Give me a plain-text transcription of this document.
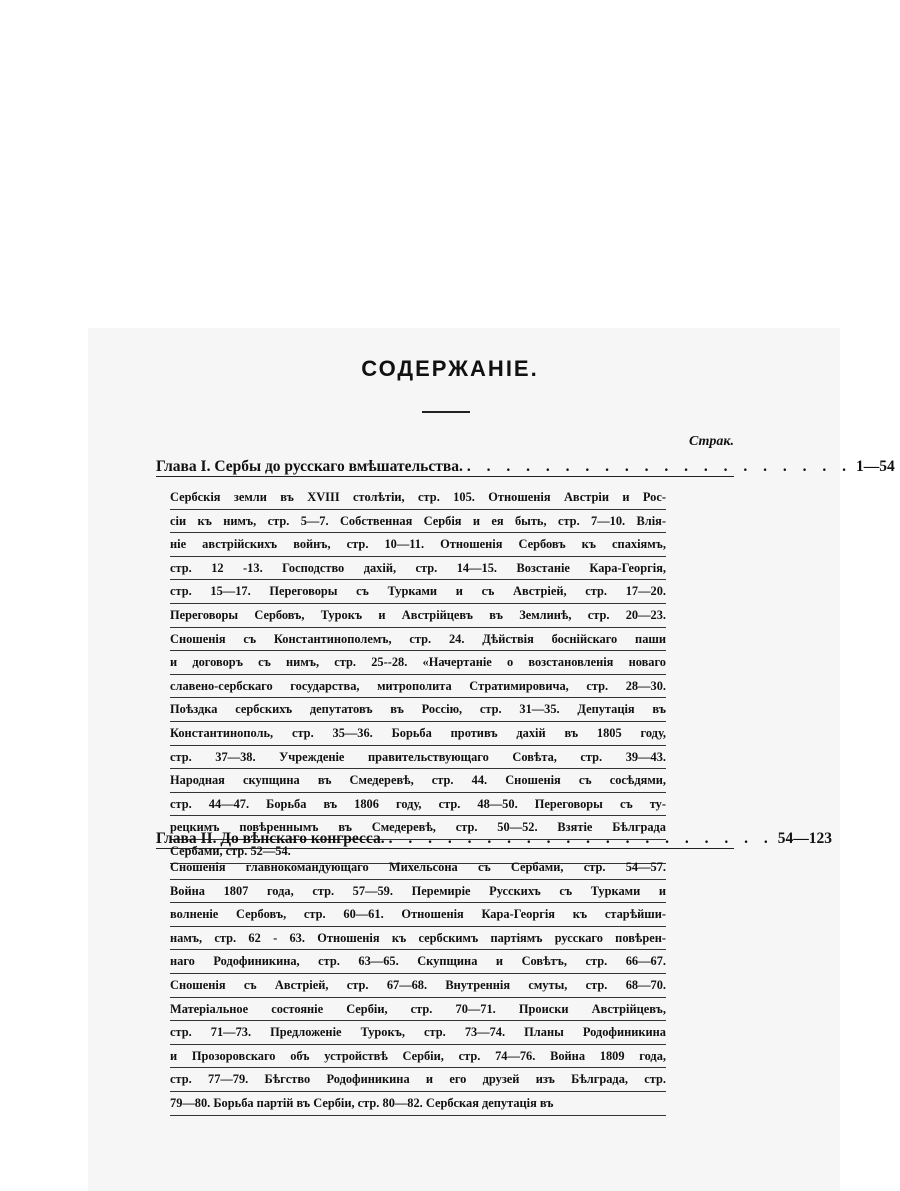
СОДЕРЖАНІЕ.
Страк.
Глава I. Сербы до русскаго вмѣшательства. . . . . . . . . . . . . . . . . . . . . 1—54
Сербскія земли въ XVIII столѣтіи, стр. 105. Отношенія Австріи и Рос-
сіи къ нимъ, стр. 5—7. Собственная Сербія и ея быть, стр. 7—10. Влія-
ніе австрійскихъ войнъ, стр. 10—11. Отношенія Сербовъ къ спахіямъ,
стр. 12 -13. Господство дахій, стр. 14—15. Возстаніе Кара-Георгія,
стр. 15—17. Переговоры съ Турками и съ Австріей, стр. 17—20.
Переговоры Сербовъ, Турокъ и Австрійцевъ въ Землинѣ, стр. 20—23.
Сношенія съ Константинополемъ, стр. 24. Дѣйствія боснійскаго паши
и договоръ съ нимъ, стр. 25--28. «Начертаніе о возстановленія новаго
славено-сербскаго государства, митрополита Стратимировича, стр. 28—30.
Поѣздка сербскихъ депутатовъ въ Россію, стр. 31—35. Депутація въ
Константинополь, стр. 35—36. Борьба противъ дахій въ 1805 году,
стр. 37—38. Учрежденіе правительствующаго Совѣта, стр. 39—43.
Народная скупщина въ Смедеревѣ, стр. 44. Сношенія съ сосѣдями,
стр. 44—47. Борьба въ 1806 году, стр. 48—50. Переговоры съ ту-
рецкимъ повѣреннымъ въ Смедеревѣ, стр. 50—52. Взятіе Бѣлграда
Сербами, стр. 52—54.
Глава II. До вѣнскаго конгресса. . . . . . . . . . . . . . . . . . . . . 54—123
Сношенія главнокомандующаго Михельсона съ Сербами, стр. 54—57.
Война 1807 года, стр. 57—59. Перемиріе Русскихъ съ Турками и
волненіе Сербовъ, стр. 60—61. Отношенія Кара-Георгія къ старѣйши-
намъ, стр. 62 - 63. Отношенія къ сербскимъ партіямъ русскаго повѣрен-
наго Родофиникина, стр. 63—65. Скупщина и Совѣтъ, стр. 66—67.
Сношенія съ Австріей, стр. 67—68. Внутреннія смуты, стр. 68—70.
Матеріальное состояніе Сербіи, стр. 70—71. Происки Австрійцевъ,
стр. 71—73. Предложеніе Турокъ, стр. 73—74. Планы Родофиникина
и Прозоровскаго объ устройствѣ Сербіи, стр. 74—76. Война 1809 года,
стр. 77—79. Бѣгство Родофиникина и его друзей изъ Бѣлграда, стр.
79—80. Борьба партій въ Сербіи, стр. 80—82. Сербская депутація въ
